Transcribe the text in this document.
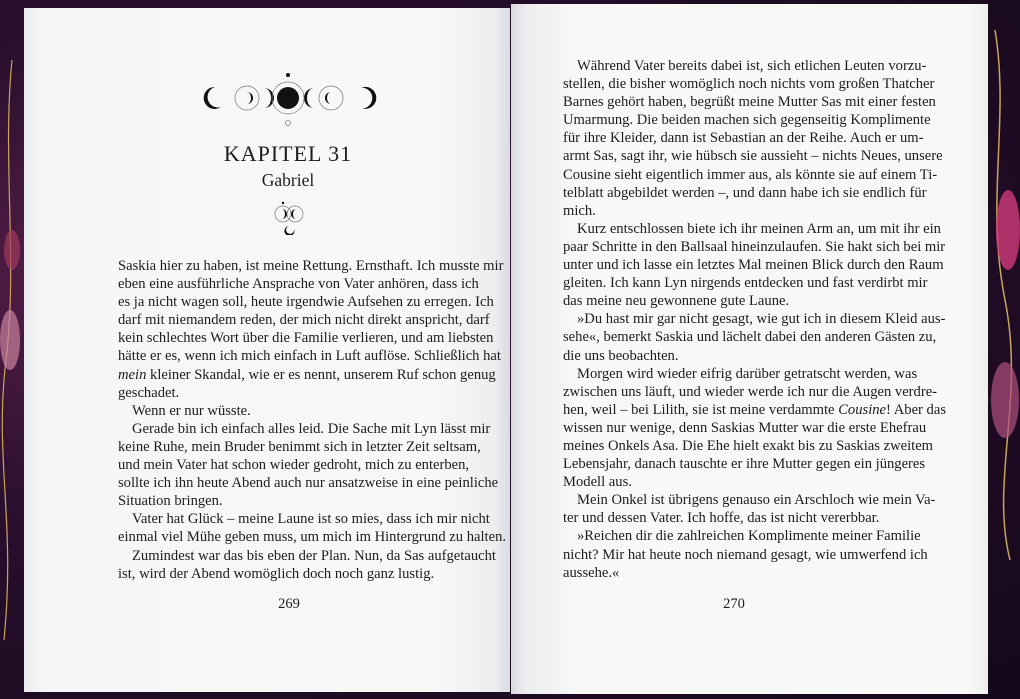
KAPITEL 31
Gabriel
Saskia hier zu haben, ist meine Rettung. Ernsthaft. Ich musste mir
eben eine ausführliche Ansprache von Vater anhören, dass ich
es ja nicht wagen soll, heute irgendwie Aufsehen zu erregen. Ich
darf mit niemandem reden, der mich nicht direkt anspricht, darf
kein schlechtes Wort über die Familie verlieren, und am liebsten
hätte er es, wenn ich mich einfach in Luft auflöse. Schließlich hat
mein kleiner Skandal, wie er es nennt, unserem Ruf schon genug
geschadet.
Wenn er nur wüsste.
Gerade bin ich einfach alles leid. Die Sache mit Lyn lässt mir
keine Ruhe, mein Bruder benimmt sich in letzter Zeit seltsam,
und mein Vater hat schon wieder gedroht, mich zu enterben,
sollte ich ihn heute Abend auch nur ansatzweise in eine peinliche
Situation bringen.
Vater hat Glück – meine Laune ist so mies, dass ich mir nicht
einmal viel Mühe geben muss, um mich im Hintergrund zu halten.
Zumindest war das bis eben der Plan. Nun, da Sas aufgetaucht
ist, wird der Abend womöglich doch noch ganz lustig.
Während Vater bereits dabei ist, sich etlichen Leuten vorzu-
stellen, die bisher womöglich noch nichts vom großen Thatcher
Barnes gehört haben, begrüßt meine Mutter Sas mit einer festen
Umarmung. Die beiden machen sich gegenseitig Komplimente
für ihre Kleider, dann ist Sebastian an der Reihe. Auch er um-
armt Sas, sagt ihr, wie hübsch sie aussieht – nichts Neues, unsere
Cousine sieht eigentlich immer aus, als könnte sie auf einem Ti-
telblatt abgebildet werden –, und dann habe ich sie endlich für
mich.
Kurz entschlossen biete ich ihr meinen Arm an, um mit ihr ein
paar Schritte in den Ballsaal hineinzulaufen. Sie hakt sich bei mir
unter und ich lasse ein letztes Mal meinen Blick durch den Raum
gleiten. Ich kann Lyn nirgends entdecken und fast verdirbt mir
das meine neu gewonnene gute Laune.
»Du hast mir gar nicht gesagt, wie gut ich in diesem Kleid aus-
sehe«, bemerkt Saskia und lächelt dabei den anderen Gästen zu,
die uns beobachten.
Morgen wird wieder eifrig darüber getratscht werden, was
zwischen uns läuft, und wieder werde ich nur die Augen verdre-
hen, weil – bei Lilith, sie ist meine verdammte Cousine! Aber das
wissen nur wenige, denn Saskias Mutter war die erste Ehefrau
meines Onkels Asa. Die Ehe hielt exakt bis zu Saskias zweitem
Lebensjahr, danach tauschte er ihre Mutter gegen ein jüngeres
Modell aus.
Mein Onkel ist übrigens genauso ein Arschloch wie mein Va-
ter und dessen Vater. Ich hoffe, das ist nicht vererbbar.
»Reichen dir die zahlreichen Komplimente meiner Familie
nicht? Mir hat heute noch niemand gesagt, wie umwerfend ich
aussehe.«
269	270
